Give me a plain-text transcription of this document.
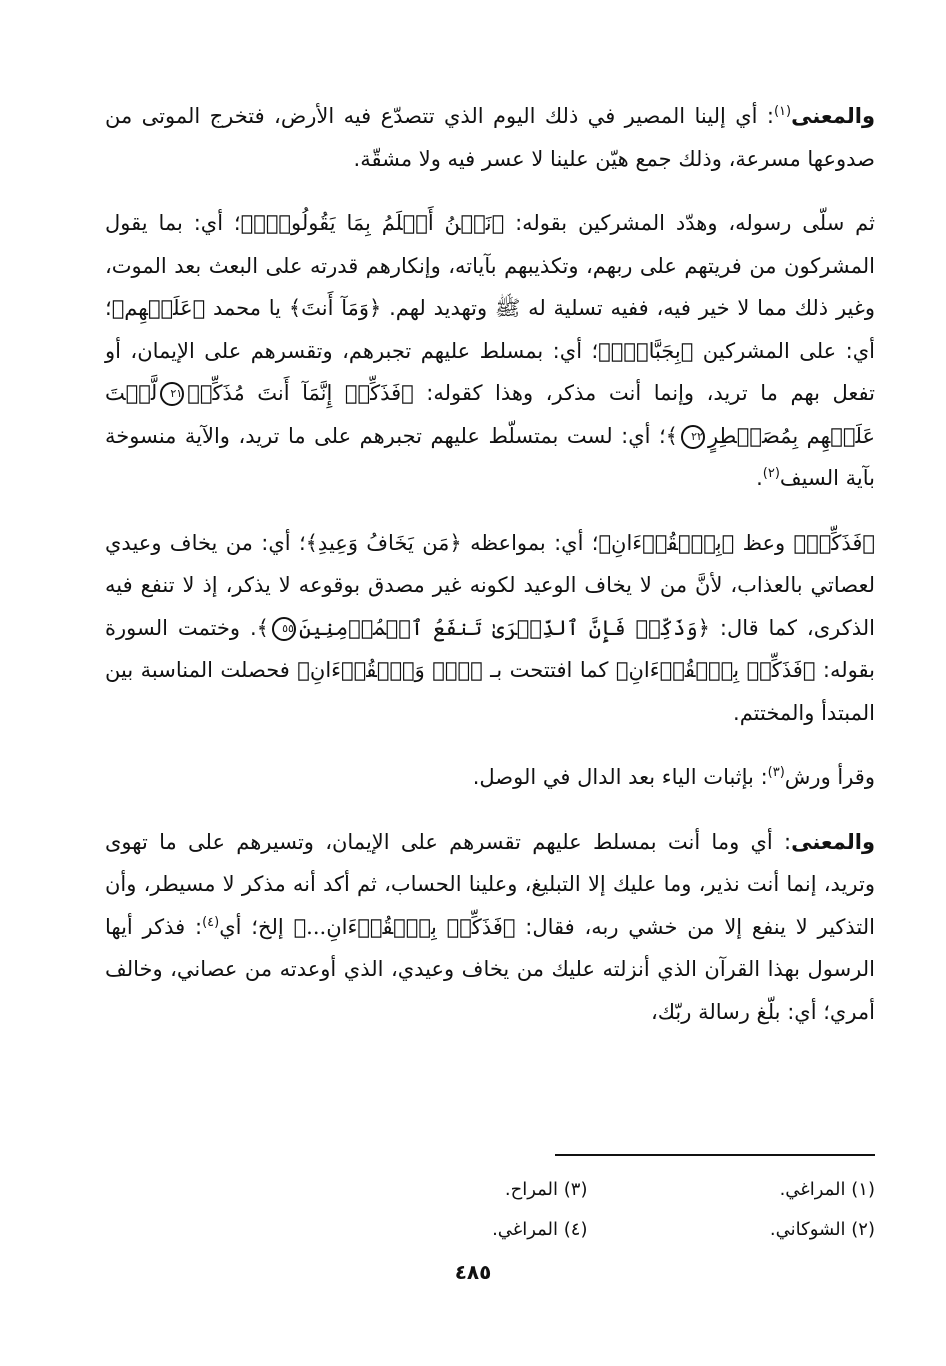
والمعنى$^{(١)}$: أي إلينا المصير في ذلك اليوم الذي تتصدّع فيه الأرض، فتخرج الموتى من صدوعها مسرعة، وذلك جمع هيّن علينا لا عسر فيه ولا مشقّة.

ثم سلّى رسوله، وهدّد المشركين بقوله: ﴿نَحۡنُ أَعۡلَمُ بِمَا يَقُولُونَۖ﴾؛ أي: بما يقول المشركون من فريتهم على ربهم، وتكذيبهم بآياته، وإنكارهم قدرته على البعث بعد الموت، وغير ذلك مما لا خير فيه، ففيه تسلية له ﷺ وتهديد لهم. ﴿وَمَآ أَنتَ﴾ يا محمد ﴿عَلَيۡهِم﴾؛ أي: على المشركين ﴿بِجَبَّارٖۖ﴾؛ أي: بمسلط عليهم تجبرهم، وتقسرهم على الإيمان، أو تفعل بهم ما تريد، وإنما أنت مذكر، وهذا كقوله: ﴿فَذَكِّرۡ إِنَّمَآ أَنتَ مُذَكِّرٞ٢١لَّسۡتَ عَلَيۡهِم بِمُصَيۡطِرٍ٢٢﴾؛ أي: لست بمتسلّط عليهم تجبرهم على ما تريد، والآية منسوخة بآية السيف$^{(٢)}$.

﴿فَذَكِّرۡ﴾ وعظ ﴿بِٱلۡقُرۡءَانِ﴾؛ أي: بمواعظه ﴿مَن يَخَافُ وَعِيدِ﴾؛ أي: من يخاف وعيدي لعصاتي بالعذاب، لأنَّ من لا يخاف الوعيد لكونه غير مصدق بوقوعه لا يذكر، إذ لا تنفع فيه الذكرى، كما قال: ﴿وَذَكِّرۡ فَإِنَّ ٱلذِّكۡرَىٰ تَنفَعُ ٱلۡمُؤۡمِنِينَ٥٥﴾. وختمت السورة بقوله: ﴿فَذَكِّرۡ بِٱلۡقُرۡءَانِ﴾ كما افتتحت بـ ﴿قٓۚ وَٱلۡقُرۡءَانِ﴾ فحصلت المناسبة بين المبتدأ والمختتم.

وقرأ ورش$^{(٣)}$: بإثبات الياء بعد الدال في الوصل.

والمعنى: أي وما أنت بمسلط عليهم تقسرهم على الإيمان، وتسيرهم على ما تهوى وتريد، إنما أنت نذير، وما عليك إلا التبليغ، وعلينا الحساب، ثم أكد أنه مذكر لا مسيطر، وأن التذكير لا ينفع إلا من خشي ربه، فقال: ﴿فَذَكِّرۡ بِٱلۡقُرۡءَانِ...﴾ إلخ؛ أي$^{(٤)}$: فذكر أيها الرسول بهذا القرآن الذي أنزلته عليك من يخاف وعيدي، الذي أوعدته من عصاني، وخالف أمري؛ أي: بلّغ رسالة ربّك،

(١) المراغي.
(٣) المراح.
(٢) الشوكاني.
(٤) المراغي.
٤٨٥
